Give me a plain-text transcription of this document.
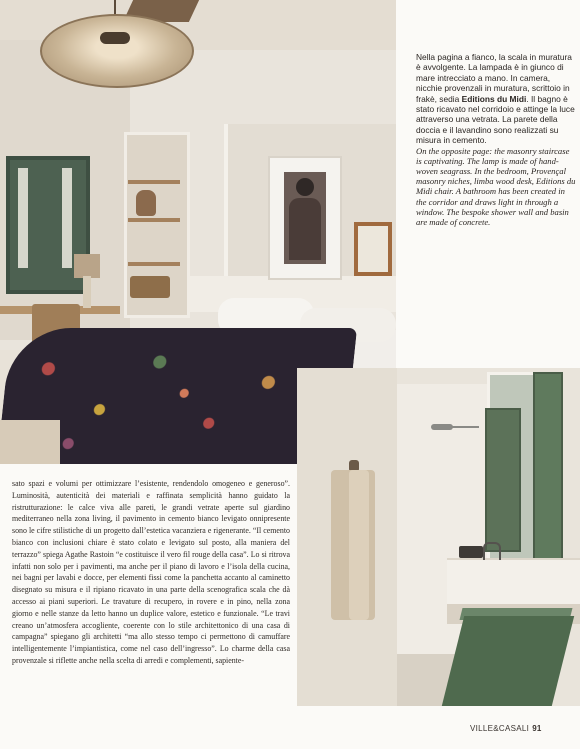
Nella pagina a fianco, la scala in muratura è avvolgente. La lampada è in giunco di mare intrecciato a mano. In camera, nicchie provenzali in muratura, scrittoio in frakè, sedia Editions du Midi. Il bagno è stato ricavato nel corridoio e attinge la luce attraverso una vetrata. La parete della doccia e il lavandino sono realizzati su misura in cemento.
On the opposite page: the masonry staircase is captivating. The lamp is made of hand-woven seagrass. In the bedroom, Provençal masonry niches, limba wood desk, Editions du Midi chair. A bathroom has been created in the corridor and draws light in through a window. The bespoke shower wall and basin are made of concrete.
sato spazi e volumi per ottimizzare l’esistente, rendendolo omogeneo e generoso”. Luminosità, autenticità dei materiali e raffinata semplicità hanno guidato la ristrutturazione: le calce viva alle pareti, le grandi vetrate aperte sul giardino mediterraneo nella zona living, il pavimento in cemento bianco levigato onnipresente sono le cifre stilistiche di un progetto dall’estetica vacanziera e rigenerante. “Il cemento bianco con inclusioni chiare è stato colato e levigato sul posto, alla maniera del terrazzo” spiega Agathe Rastoin “e costituisce il vero fil rouge della casa”. Lo si ritrova infatti non solo per i pavimenti, ma anche per il piano di lavoro e l’isola della cucina, nei bagni per lavabi e docce, per elementi fissi come la panchetta accanto al caminetto disegnato su misura e il ripiano ricavato in una parte della scenografica scala che dà accesso ai piani superiori. Le travature di recupero, in rovere e in pino, nella zona giorno e nelle stanze da letto hanno un duplice valore, estetico e funzionale. “Le travi creano un’atmosfera accogliente, coerente con lo stile architettonico di una casa di campagna” spiegano gli architetti “ma allo stesso tempo ci permettono di camuffare intelligentemente l’impiantistica, come nel caso dell’ingresso”. Lo charme della casa provenzale si riflette anche nella scelta di arredi e complementi, sapiente-
VILLE&CASALI 91
